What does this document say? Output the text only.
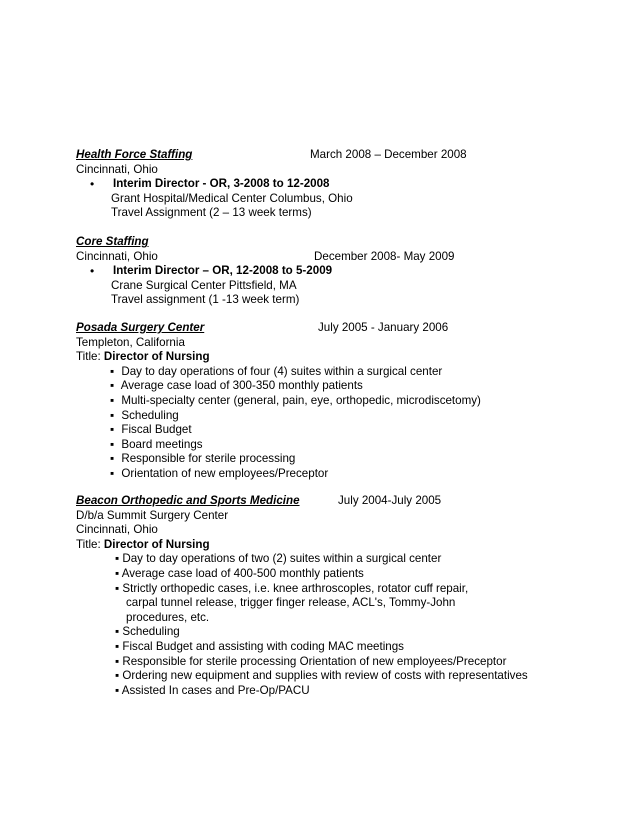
Health Force Staffing	March 2008 – December 2008
Cincinnati, Ohio
• Interim Director - OR, 3-2008 to 12-2008
Grant Hospital/Medical Center Columbus, Ohio
Travel Assignment (2 – 13 week terms)
Core Staffing
Cincinnati, Ohio	December 2008- May 2009
• Interim Director – OR, 12-2008 to 5-2009
Crane Surgical Center Pittsfield, MA
Travel assignment (1 -13 week term)
Posada Surgery Center	July 2005 - January 2006
Templeton, California
Title: Director of Nursing
▪ Day to day operations of four (4) suites within a surgical center
▪ Average case load of 300-350 monthly patients
▪ Multi-specialty center (general, pain, eye, orthopedic, microdiscetomy)
▪ Scheduling
▪ Fiscal Budget
▪ Board meetings
▪ Responsible for sterile processing
▪ Orientation of new employees/Preceptor
Beacon Orthopedic and Sports Medicine	July 2004-July 2005
D/b/a Summit Surgery Center
Cincinnati, Ohio
Title: Director of Nursing
▪ Day to day operations of two (2) suites within a surgical center
▪ Average case load of 400-500 monthly patients
▪ Strictly orthopedic cases, i.e. knee arthroscoples, rotator cuff repair,
carpal tunnel release, trigger finger release, ACL's, Tommy-John
procedures, etc.
▪ Scheduling
▪ Fiscal Budget and assisting with coding MAC meetings
▪ Responsible for sterile processing Orientation of new employees/Preceptor
▪ Ordering new equipment and supplies with review of costs with representatives
▪ Assisted In cases and Pre-Op/PACU
